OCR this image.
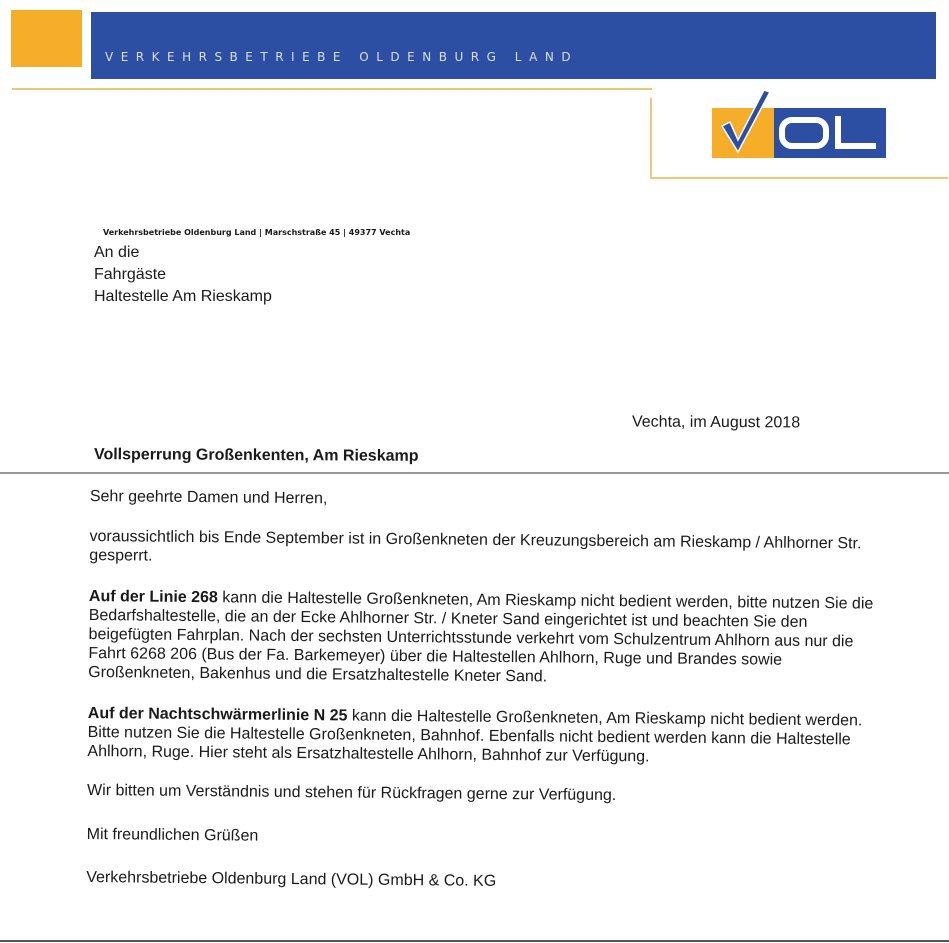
VERKEHRSBETRIEBE OLDENBURG LAND
Verkehrsbetriebe Oldenburg Land | Marschstraße 45 | 49377 Vechta
An die
Fahrgäste
Haltestelle Am Rieskamp
Vechta, im August 2018
Vollsperrung Großenkenten, Am Rieskamp

Sehr geehrte Damen und Herren,

voraussichtlich bis Ende September ist in Großenkneten der Kreuzungsbereich am Rieskamp / Ahlhorner Str. gesperrt.

Auf der Linie 268 kann die Haltestelle Großenkneten, Am Rieskamp nicht bedient werden, bitte nutzen Sie die Bedarfshaltestelle, die an der Ecke Ahlhorner Str. / Kneter Sand eingerichtet ist und beachten Sie den beigefügten Fahrplan. Nach der sechsten Unterrichtsstunde verkehrt vom Schulzentrum Ahlhorn aus nur die Fahrt 6268 206 (Bus der Fa. Barkemeyer) über die Haltestellen Ahlhorn, Ruge und Brandes sowie Großenkneten, Bakenhus und die Ersatzhaltestelle Kneter Sand.

Auf der Nachtschwärmerlinie N 25 kann die Haltestelle Großenkneten, Am Rieskamp nicht bedient werden. Bitte nutzen Sie die Haltestelle Großenkneten, Bahnhof. Ebenfalls nicht bedient werden kann die Haltestelle Ahlhorn, Ruge. Hier steht als Ersatzhaltestelle Ahlhorn, Bahnhof zur Verfügung.

Wir bitten um Verständnis und stehen für Rückfragen gerne zur Verfügung.

Mit freundlichen Grüßen

Verkehrsbetriebe Oldenburg Land (VOL) GmbH & Co. KG
